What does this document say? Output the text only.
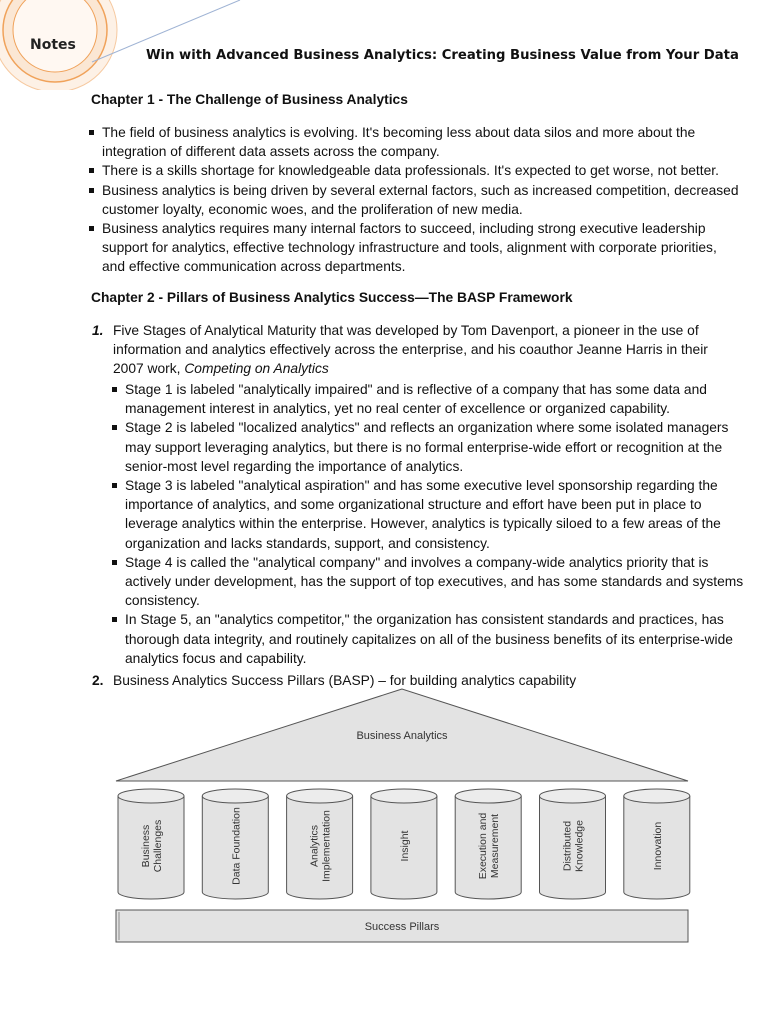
Notes
Win with Advanced Business Analytics: Creating Business Value from Your Data
Chapter 1 - The Challenge of Business Analytics
The field of business analytics is evolving. It's becoming less about data silos and more about the integration of different data assets across the company.
There is a skills shortage for knowledgeable data professionals. It's expected to get worse, not better.
Business analytics is being driven by several external factors, such as increased competition, decreased customer loyalty, economic woes, and the proliferation of new media.
Business analytics requires many internal factors to succeed, including strong executive leadership support for analytics, effective technology infrastructure and tools, alignment with corporate priorities, and effective communication across departments.
Chapter 2 - Pillars of Business Analytics Success—The BASP Framework
1. Five Stages of Analytical Maturity that was developed by Tom Davenport, a pioneer in the use of information and analytics effectively across the enterprise, and his coauthor Jeanne Harris in their 2007 work, Competing on Analytics
Stage 1 is labeled "analytically impaired" and is reflective of a company that has some data and management interest in analytics, yet no real center of excellence or organized capability.
Stage 2 is labeled "localized analytics" and reflects an organization where some isolated managers may support leveraging analytics, but there is no formal enterprise-wide effort or recognition at the senior-most level regarding the importance of analytics.
Stage 3 is labeled "analytical aspiration" and has some executive level sponsorship regarding the importance of analytics, and some organizational structure and effort have been put in place to leverage analytics within the enterprise. However, analytics is typically siloed to a few areas of the organization and lacks standards, support, and consistency.
Stage 4 is called the "analytical company" and involves a company-wide analytics priority that is actively under development, has the support of top executives, and has some standards and systems consistency.
In Stage 5, an "analytics competitor," the organization has consistent standards and practices, has thorough data integrity, and routinely capitalizes on all of the business benefits of its enterprise-wide analytics focus and capability.
2. Business Analytics Success Pillars (BASP) – for building analytics capability
Business Analytics
Business Challenges	Data Foundation	Analytics Implementation	Insight	Execution and Measurement	Distributed Knowledge	Innovation
Success Pillars
